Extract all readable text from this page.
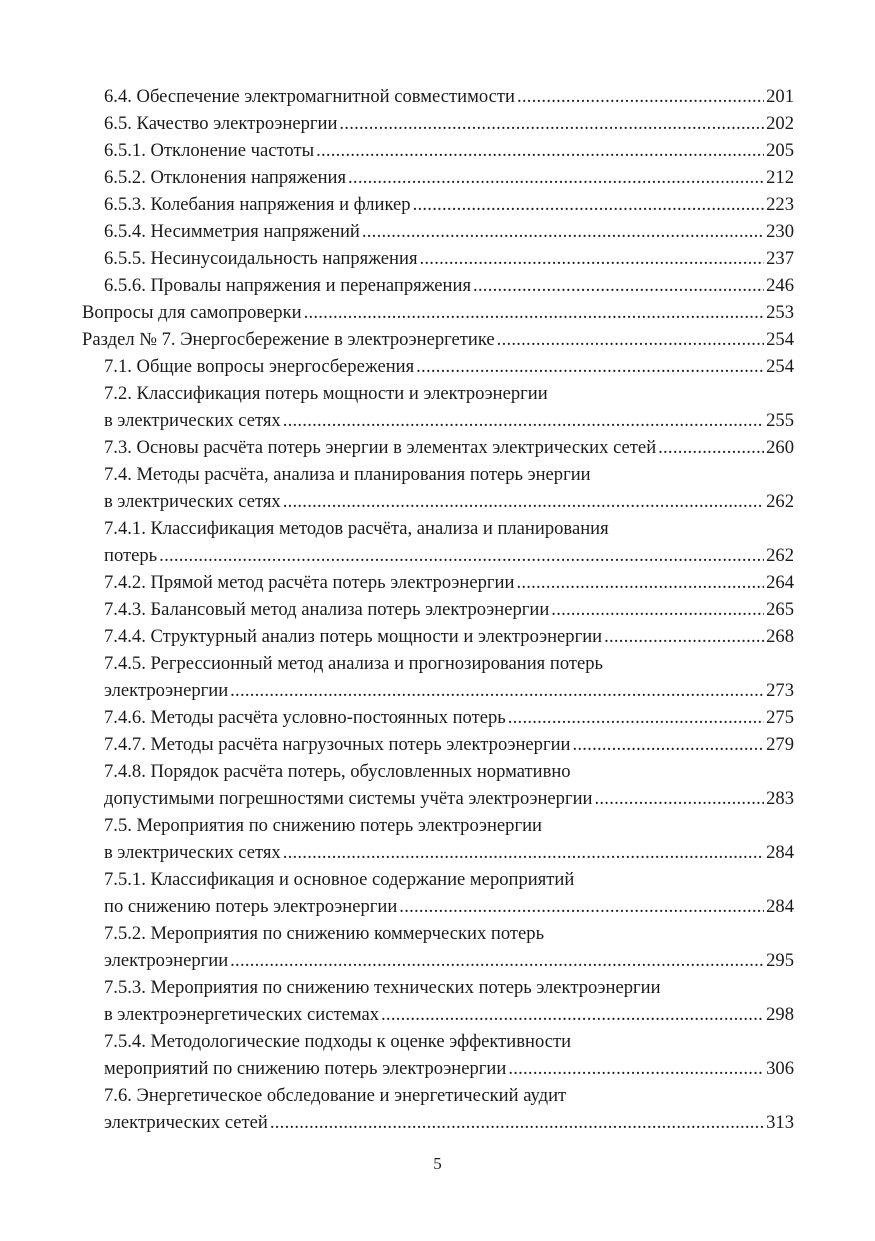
6.4. Обеспечение электромагнитной совместимости . . .	201
6.5. Качество электроэнергии . . .	202
6.5.1. Отклонение частоты . . .	205
6.5.2. Отклонения напряжения . . .	212
6.5.3. Колебания напряжения и фликер . . .	223
6.5.4. Несимметрия напряжений . . .	230
6.5.5. Несинусоидальность напряжения . . .	237
6.5.6. Провалы напряжения и перенапряжения . . .	246
Вопросы для самопроверки . . .	253
Раздел № 7. Энергосбережение в электроэнергетике . . .	254
7.1. Общие вопросы энергосбережения . . .	254
7.2. Классификация потерь мощности и электроэнергии
в электрических сетях . . .	255
7.3. Основы расчёта потерь энергии в элементах электрических сетей . . .	260
7.4. Методы расчёта, анализа и планирования потерь энергии
в электрических сетях . . .	262
7.4.1. Классификация методов расчёта, анализа и планирования
потерь . . .	262
7.4.2. Прямой метод расчёта потерь электроэнергии . . .	264
7.4.3. Балансовый метод анализа потерь электроэнергии . . .	265
7.4.4. Структурный анализ потерь мощности и электроэнергии . . .	268
7.4.5. Регрессионный метод анализа и прогнозирования потерь
электроэнергии . . .	273
7.4.6. Методы расчёта условно-постоянных потерь . . .	275
7.4.7. Методы расчёта нагрузочных потерь электроэнергии . . .	279
7.4.8. Порядок расчёта потерь, обусловленных нормативно
допустимыми погрешностями системы учёта электроэнергии . . .	283
7.5. Мероприятия по снижению потерь электроэнергии
в электрических сетях . . .	284
7.5.1. Классификация и основное содержание мероприятий
по снижению потерь электроэнергии . . .	284
7.5.2. Мероприятия по снижению коммерческих потерь
электроэнергии . . .	295
7.5.3. Мероприятия по снижению технических потерь электроэнергии
в электроэнергетических системах . . .	298
7.5.4. Методологические подходы к оценке эффективности
мероприятий по снижению потерь электроэнергии . . .	306
7.6. Энергетическое обследование и энергетический аудит
электрических сетей . . .	313
5
